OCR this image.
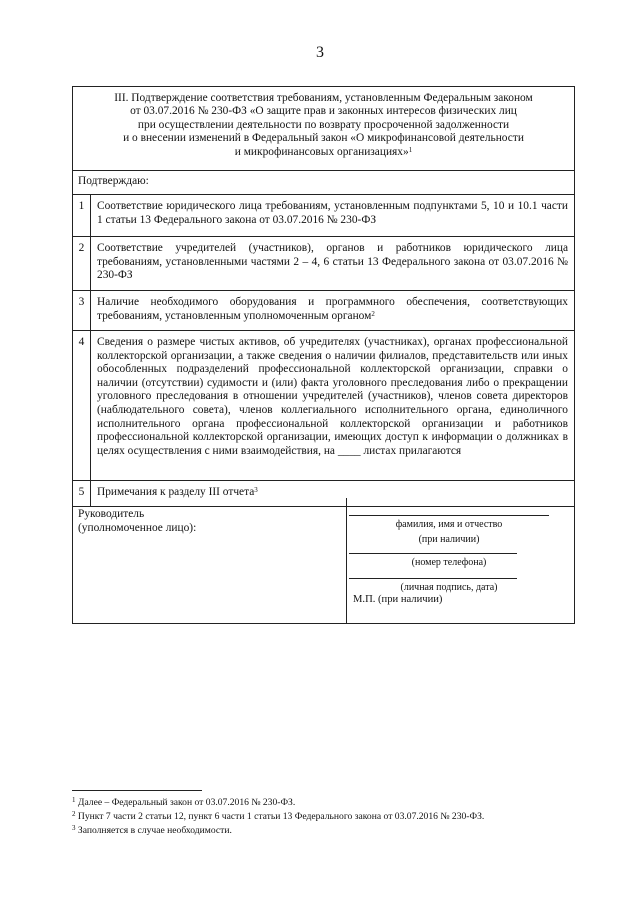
3
III. Подтверждение соответствия требованиям, установленным Федеральным законом
от 03.07.2016 № 230-ФЗ «О защите прав и законных интересов физических лиц
при осуществлении деятельности по возврату просроченной задолженности
и о внесении изменений в Федеральный закон «О микрофинансовой деятельности
и микрофинансовых организациях»$^1$
Подтверждаю:
1	Соответствие юридического лица требованиям, установленным подпунктами 5, 10 и 10.1 части 1 статьи 13 Федерального закона от 03.07.2016 № 230-ФЗ
2	Соответствие учредителей (участников), органов и работников юридического лица требованиям, установленными частями 2 – 4, 6 статьи 13 Федерального закона от 03.07.2016 № 230-ФЗ
3	Наличие необходимого оборудования и программного обеспечения, соответствующих требованиям, установленным уполномоченным органом$^2$
4	Сведения о размере чистых активов, об учредителях (участниках), органах профессиональной коллекторской организации, а также сведения о наличии филиалов, представительств или иных обособленных подразделений профессиональной коллекторской организации, справки о наличии (отсутствии) судимости и (или) факта уголовного преследования либо о прекращении уголовного преследования в отношении учредителей (участников), членов совета директоров (наблюдательного совета), членов коллегиального исполнительного органа, единоличного исполнительного органа профессиональной коллекторской организации и работников профессиональной коллекторской организации, имеющих доступ к информации о должниках в целях осуществления с ними взаимодействия, на ____ листах прилагаются
5	Примечания к разделу III отчета$^3$
Руководитель
(уполномоченное лицо):	фамилия, имя и отчество
(при наличии)
(номер телефона)
(личная подпись, дата)
М.П. (при наличии)
$^1$ Далее – Федеральный закон от 03.07.2016 № 230-ФЗ.
$^2$ Пункт 7 части 2 статьи 12, пункт 6 части 1 статьи 13 Федерального закона от 03.07.2016 № 230-ФЗ.
$^3$ Заполняется в случае необходимости.
